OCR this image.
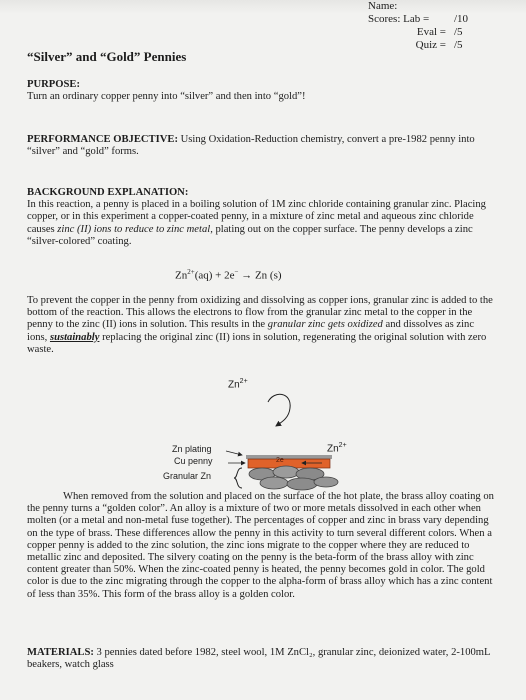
Name:
Scores: Lab =	/10
Eval = /5
Quiz = /5
“Silver” and “Gold” Pennies
PURPOSE:
Turn an ordinary copper penny into “silver” and then into “gold”!
PERFORMANCE OBJECTIVE: Using Oxidation-Reduction chemistry, convert a pre-1982 penny into “silver” and “gold” forms.
BACKGROUND EXPLANATION:
In this reaction, a penny is placed in a boiling solution of 1M zinc chloride containing granular zinc. Placing copper, or in this experiment a copper-coated penny, in a mixture of zinc metal and aqueous zinc chloride causes zinc (II) ions to reduce to zinc metal, plating out on the copper surface. The penny develops a zinc “silver-colored” coating.
$Zn^{2+}(aq) + 2e^- \to Zn$ (s)
To prevent the copper in the penny from oxidizing and dissolving as copper ions, granular zinc is added to the bottom of the reaction. This allows the electrons to flow from the granular zinc metal to the copper in the penny to the zinc (II) ions in solution. This results in the granular zinc gets oxidized and dissolves as zinc ions, sustainably replacing the original zinc (II) ions in solution, regenerating the original solution with zero waste.
$Zn^{2+}$
$Zn^{2+}$
2e
Zn plating
Cu penny
Granular Zn
When removed from the solution and placed on the surface of the hot plate, the brass alloy coating on the penny turns a “golden color”. An alloy is a mixture of two or more metals dissolved in each other when molten (or a metal and non-metal fuse together). The percentages of copper and zinc in brass vary depending on the type of brass. These differences allow the penny in this activity to turn several different colors. When a copper penny is added to the zinc solution, the zinc ions migrate to the copper where they are reduced to metallic zinc and deposited. The silvery coating on the penny is the beta-form of the brass alloy with zinc content greater than 50%. When the zinc-coated penny is heated, the penny becomes gold in color. The gold color is due to the zinc migrating through the copper to the alpha-form of brass alloy which has a zinc content of less than 35%. This form of the brass alloy is a golden color.
MATERIALS: 3 pennies dated before 1982, steel wool, 1M ZnCl₂, granular zinc, deionized water, 2-100mL beakers, watch glass
